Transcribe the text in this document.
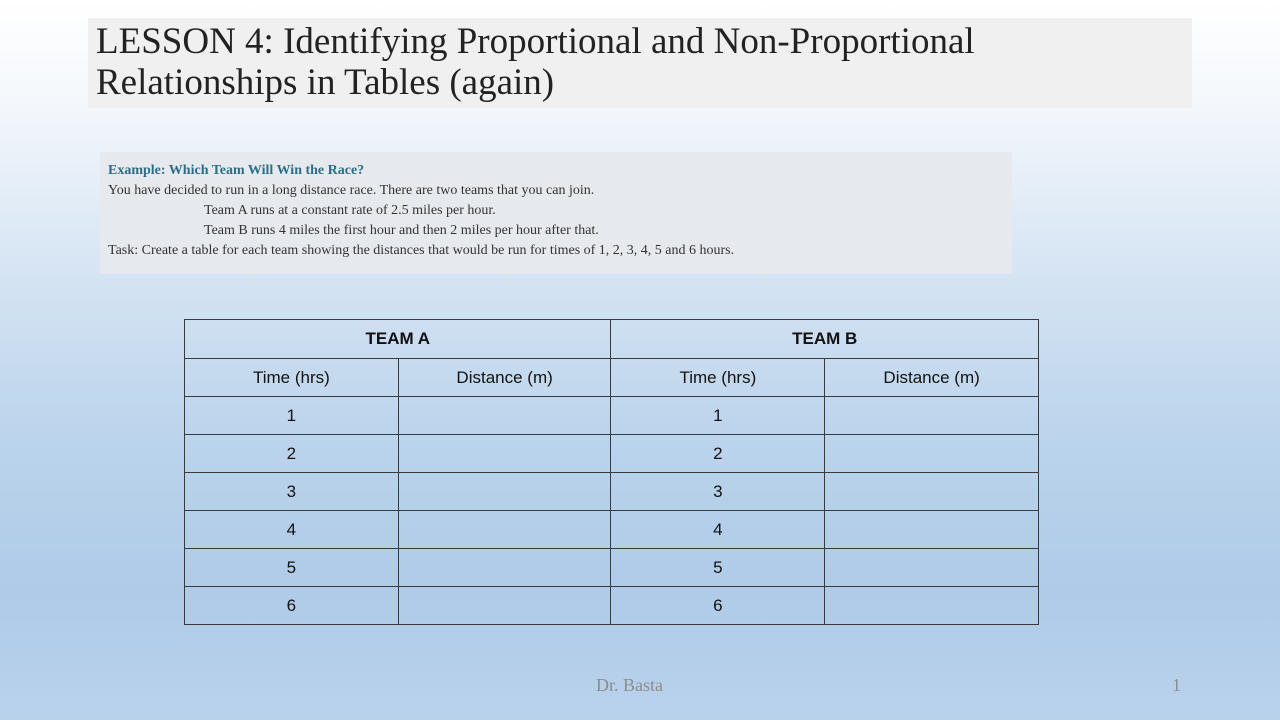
LESSON 4: Identifying Proportional and Non-Proportional
Relationships in Tables (again)
Example: Which Team Will Win the Race?
You have decided to run in a long distance race. There are two teams that you can join.
Team A runs at a constant rate of 2.5 miles per hour.
Team B runs 4 miles the first hour and then 2 miles per hour after that.
Task: Create a table for each team showing the distances that would be run for times of 1, 2, 3, 4, 5 and 6 hours.
TEAM A		TEAM B	
Time (hrs)	Distance (m)	Time (hrs)	Distance (m)
1		1	
2		2	
3		3	
4		4	
5		5	
6		6	
Dr. Basta	1
